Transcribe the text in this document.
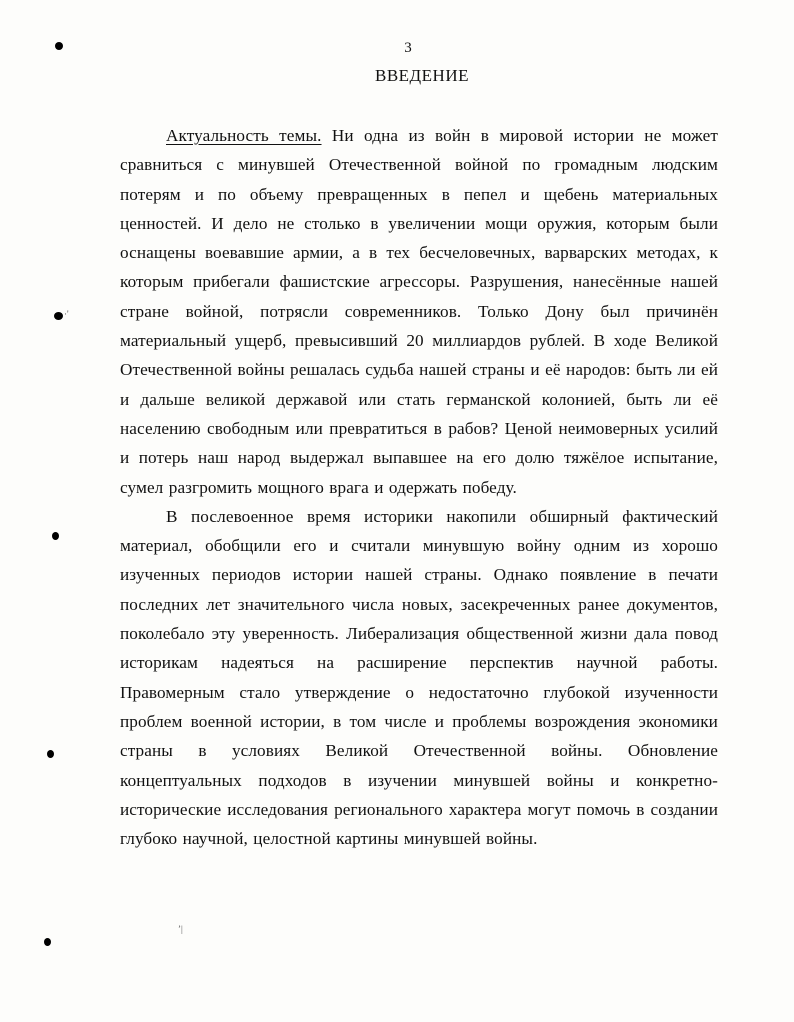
·'
ʼ|
3
ВВЕДЕНИЕ

Актуальность темы. Ни одна из войн в мировой истории не может сравниться с минувшей Отечественной войной по громадным людским потерям и по объему превращенных в пепел и щебень материальных ценностей. И дело не столько в увеличении мощи оружия, которым были оснащены воевавшие армии, а в тех бесчеловечных, варварских методах, к которым прибегали фашистские агрессоры. Разрушения, нанесённые нашей стране войной, потрясли современников. Только Дону был причинён материальный ущерб, превысивший 20 миллиардов рублей. В ходе Великой Отечественной войны решалась судьба нашей страны и её народов: быть ли ей и дальше великой державой или стать германской колонией, быть ли её населению свободным или превратиться в рабов? Ценой неимоверных усилий и потерь наш народ выдержал выпавшее на его долю тяжёлое испытание, сумел разгромить мощного врага и одержать победу.

В послевоенное время историки накопили обширный фактический материал, обобщили его и считали минувшую войну одним из хорошо изученных периодов истории нашей страны. Однако появление в печати последних лет значительного числа новых, засекреченных ранее документов, поколебало эту уверенность. Либерализация общественной жизни дала повод историкам надеяться на расширение перспектив научной работы. Правомерным стало утверждение о недостаточно глубокой изученности проблем военной истории, в том числе и проблемы возрождения экономики страны в условиях Великой Отечественной войны. Обновление концептуальных подходов в изучении минувшей войны и конкретно-исторические исследования регионального характера могут помочь в создании глубоко научной, целостной картины минувшей войны.
